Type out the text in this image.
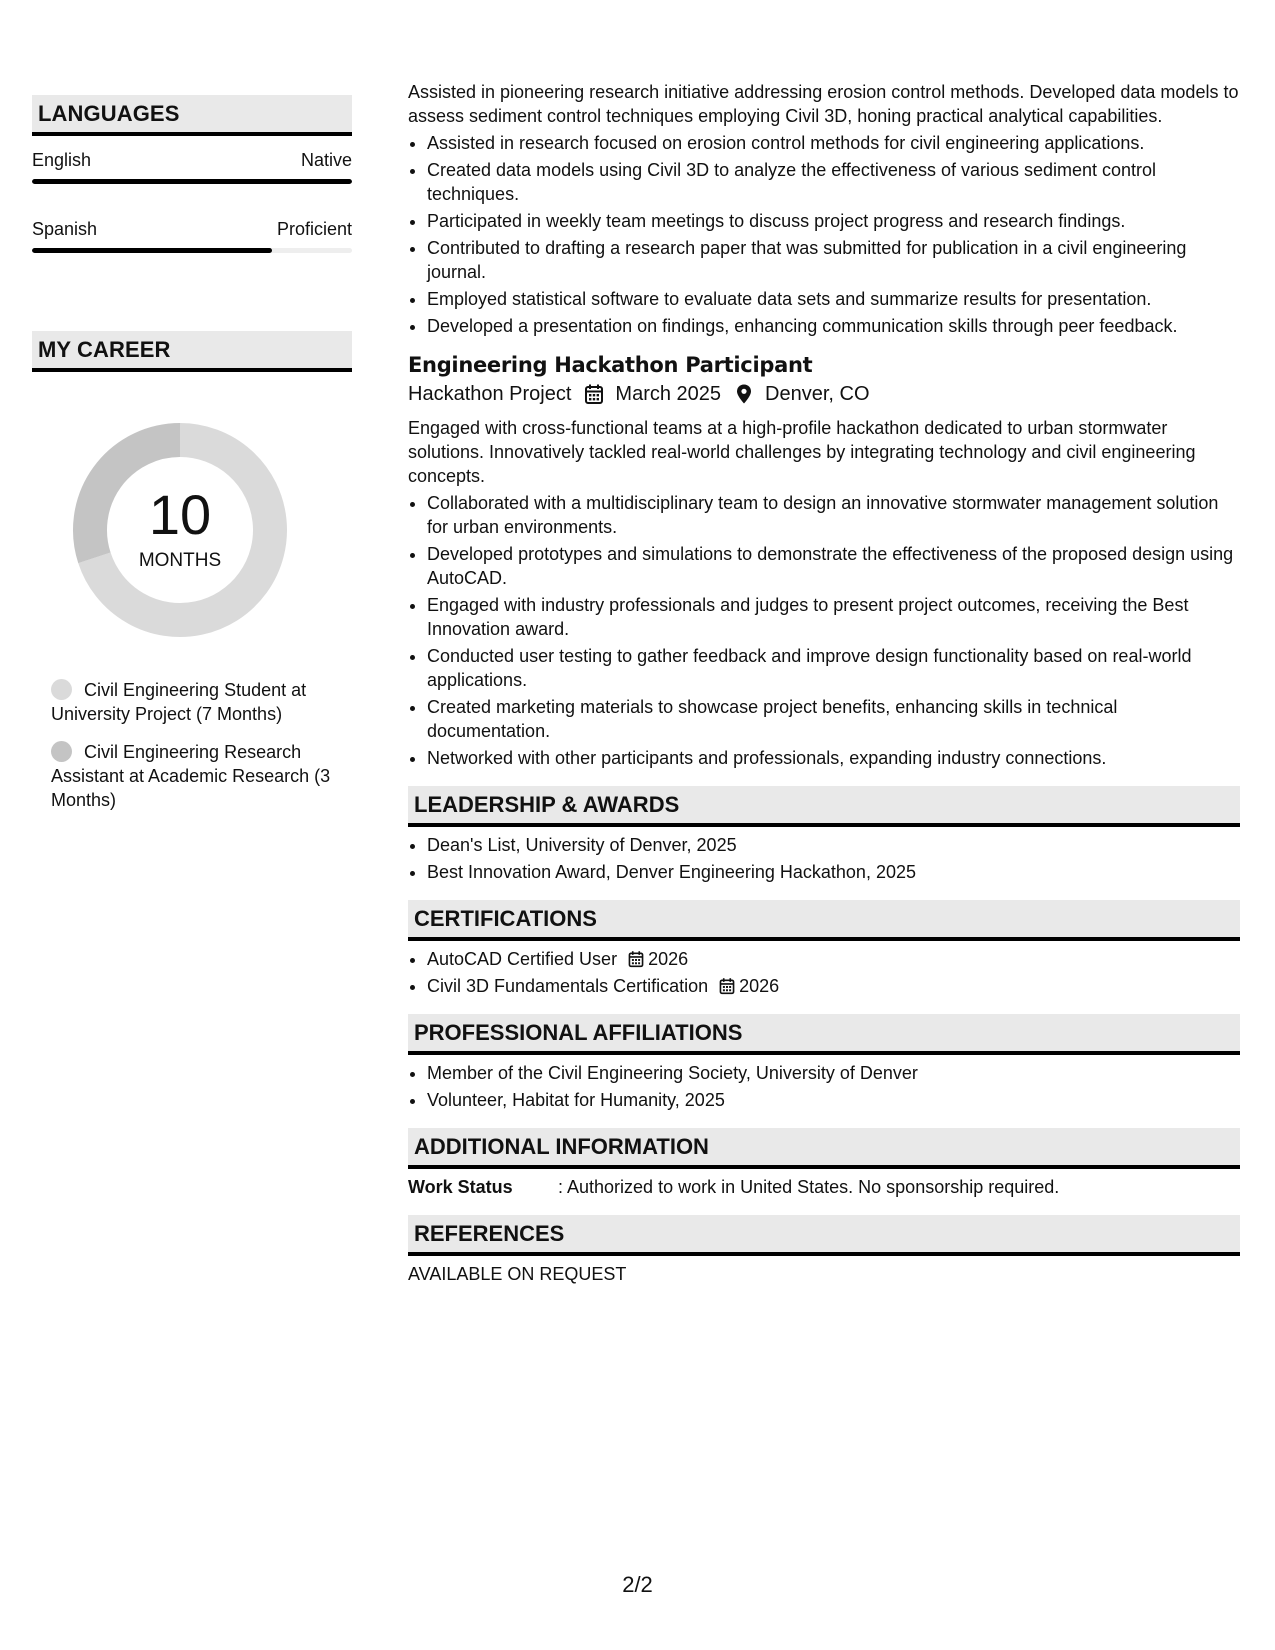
LANGUAGES
English	Native
Spanish	Proficient
MY CAREER
10
MONTHS
Civil Engineering Student at University Project (7 Months)
Civil Engineering Research Assistant at Academic Research (3 Months)
Assisted in pioneering research initiative addressing erosion control methods. Developed data models to assess sediment control techniques employing Civil 3D, honing practical analytical capabilities.
• Assisted in research focused on erosion control methods for civil engineering applications.
• Created data models using Civil 3D to analyze the effectiveness of various sediment control techniques.
• Participated in weekly team meetings to discuss project progress and research findings.
• Contributed to drafting a research paper that was submitted for publication in a civil engineering journal.
• Employed statistical software to evaluate data sets and summarize results for presentation.
• Developed a presentation on findings, enhancing communication skills through peer feedback.
Engineering Hackathon Participant
Hackathon Project March 2025 Denver, CO
Engaged with cross-functional teams at a high-profile hackathon dedicated to urban stormwater solutions. Innovatively tackled real-world challenges by integrating technology and civil engineering concepts.
• Collaborated with a multidisciplinary team to design an innovative stormwater management solution for urban environments.
• Developed prototypes and simulations to demonstrate the effectiveness of the proposed design using AutoCAD.
• Engaged with industry professionals and judges to present project outcomes, receiving the Best Innovation award.
• Conducted user testing to gather feedback and improve design functionality based on real-world applications.
• Created marketing materials to showcase project benefits, enhancing skills in technical documentation.
• Networked with other participants and professionals, expanding industry connections.
LEADERSHIP & AWARDS
• Dean's List, University of Denver, 2025
• Best Innovation Award, Denver Engineering Hackathon, 2025
CERTIFICATIONS
• AutoCAD Certified User 2026
• Civil 3D Fundamentals Certification 2026
PROFESSIONAL AFFILIATIONS
• Member of the Civil Engineering Society, University of Denver
• Volunteer, Habitat for Humanity, 2025
ADDITIONAL INFORMATION
Work Status	: Authorized to work in United States. No sponsorship required.
REFERENCES
AVAILABLE ON REQUEST
2/2
